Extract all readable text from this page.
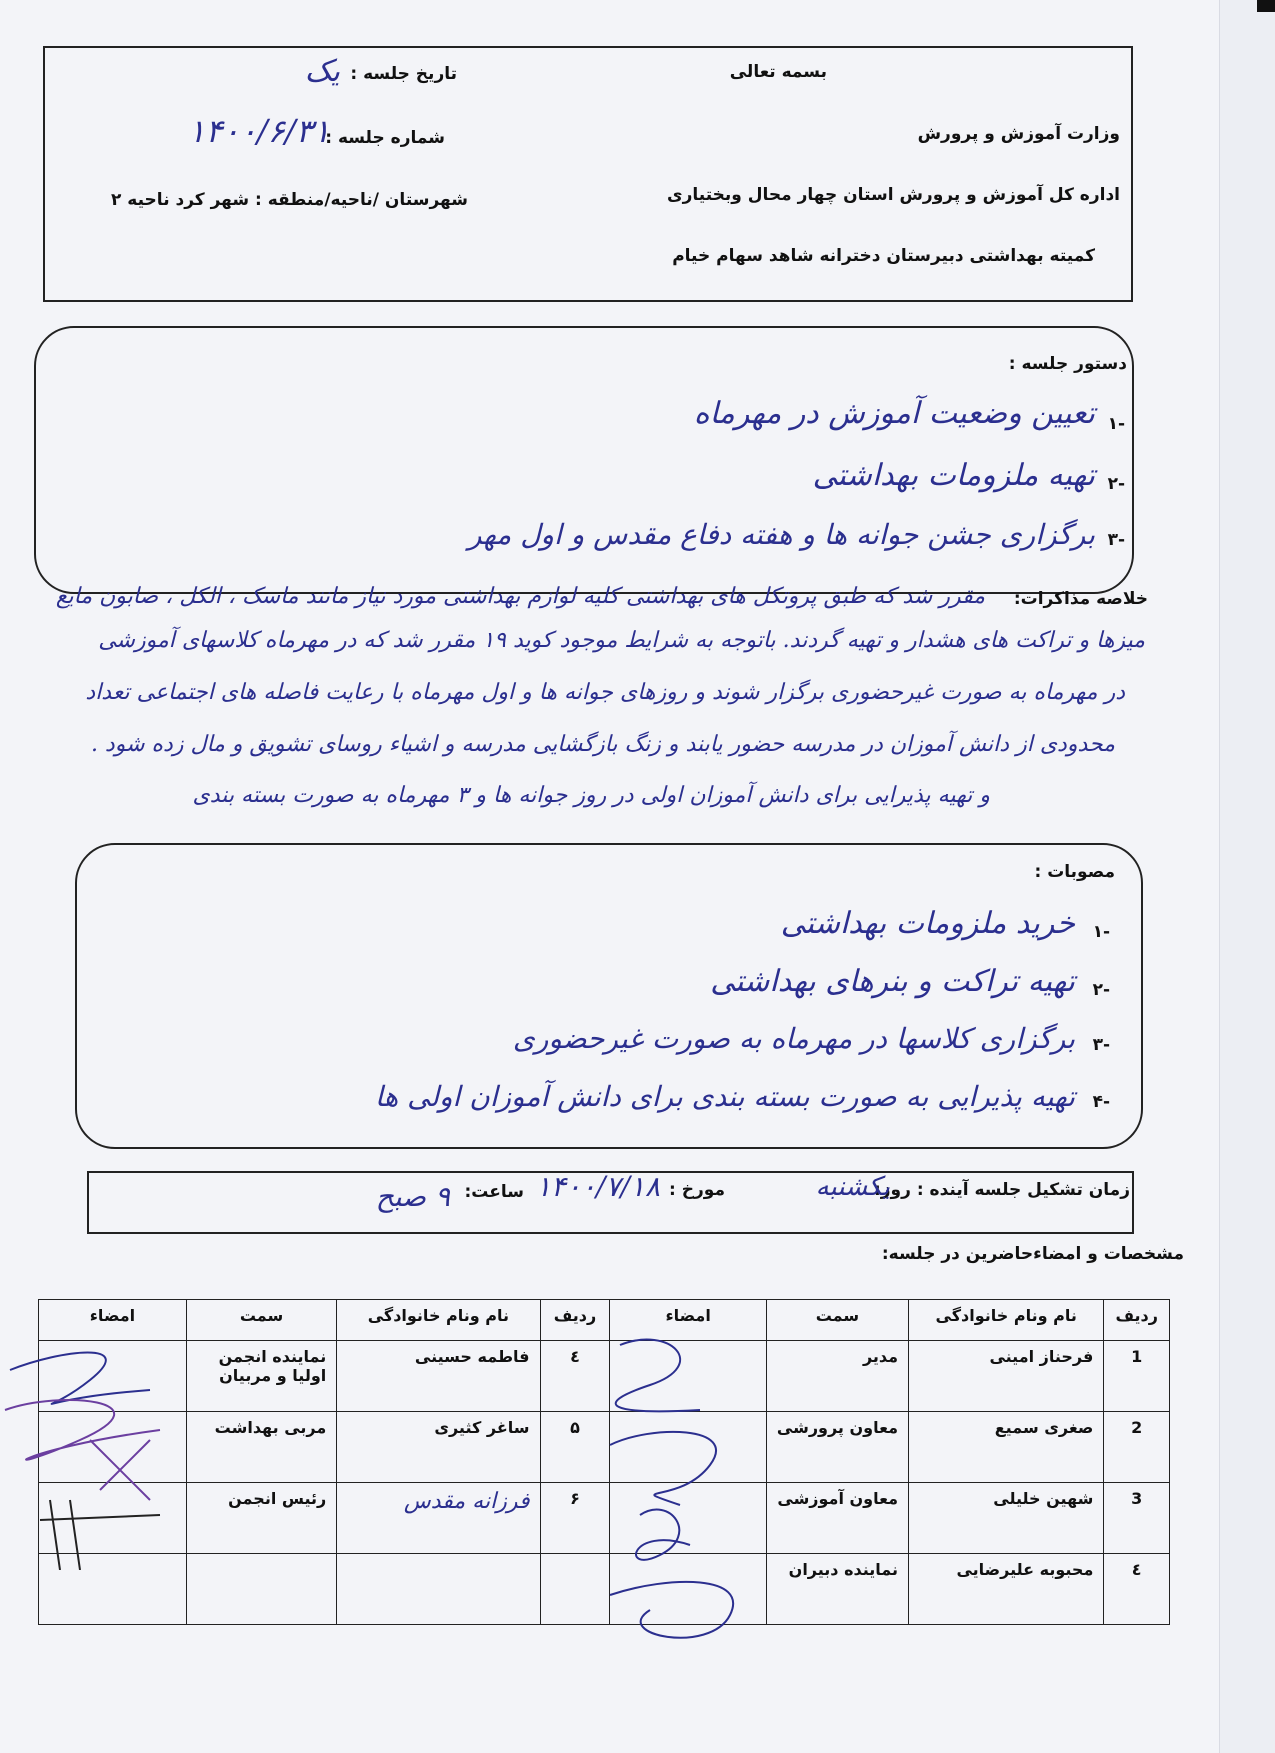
بسمه تعالی
وزارت آموزش و پرورش
اداره کل آموزش و پرورش استان چهار محال وبختیاری
کمیته بهداشتی دبیرستان دخترانه شاهد سهام خیام
تاریخ جلسه :
یک
شماره جلسه :
۱۴۰۰/۶/۳۱
شهرستان /ناحیه/منطقه : شهر کرد ناحیه ۲
دستور جلسه :
۱-
تعیین وضعیت آموزش در مهرماه
۲-
تهیه ملزومات بهداشتی
۳-
برگزاری جشن جوانه ها و هفته دفاع مقدس و اول مهر
خلاصه مذاکرات:
مقرر شد که طبق پروتکل های بهداشتی کلیه لوازم بهداشتی مورد نیاز مانند ماسک ، الکل ، صابون مایع
میزها و تراکت های هشدار و تهیه گردند. باتوجه به شرایط موجود کوید ۱۹ مقرر شد که در مهرماه کلاسهای آموزشی
در مهرماه به صورت غیرحضوری برگزار شوند و روزهای جوانه ها و اول مهرماه با رعایت فاصله های اجتماعی تعداد
محدودی از دانش آموزان در مدرسه حضور یابند و زنگ بازگشایی مدرسه و اشیاء روسای تشویق و مال زده شود .
و تهیه پذیرایی برای دانش آموزان اولی در روز جوانه ها و ۳ مهرماه به صورت بسته بندی
مصوبات :
۱-
خرید ملزومات بهداشتی
۲-
تهیه تراکت و بنرهای بهداشتی
۳-
برگزاری کلاسها در مهرماه به صورت غیرحضوری
۴-
تهیه پذیرایی به صورت بسته بندی برای دانش آموزان اولی ها
زمان تشکیل جلسه آینده : روز:
یکشنبه
مورخ :
۱۴۰۰/۷/۱۸
ساعت:
۹ صبح
مشخصات و امضاءحاضرین در جلسه:
ردیف	نام ونام خانوادگی	سمت	امضاء	ردیف	نام ونام خانوادگی	سمت	امضاء
1	فرحناز امینی	مدیر		٤	فاطمه حسینی	نماینده انجمن اولیا و مربیان	
2	صغری سمیع	معاون پرورشی		۵	ساغر کثیری	مربی بهداشت	
3	شهین خلیلی	معاون آموزشی		۶	فرزانه مقدس	رئیس انجمن	
٤	محبوبه علیرضایی	نماینده دبیران					
